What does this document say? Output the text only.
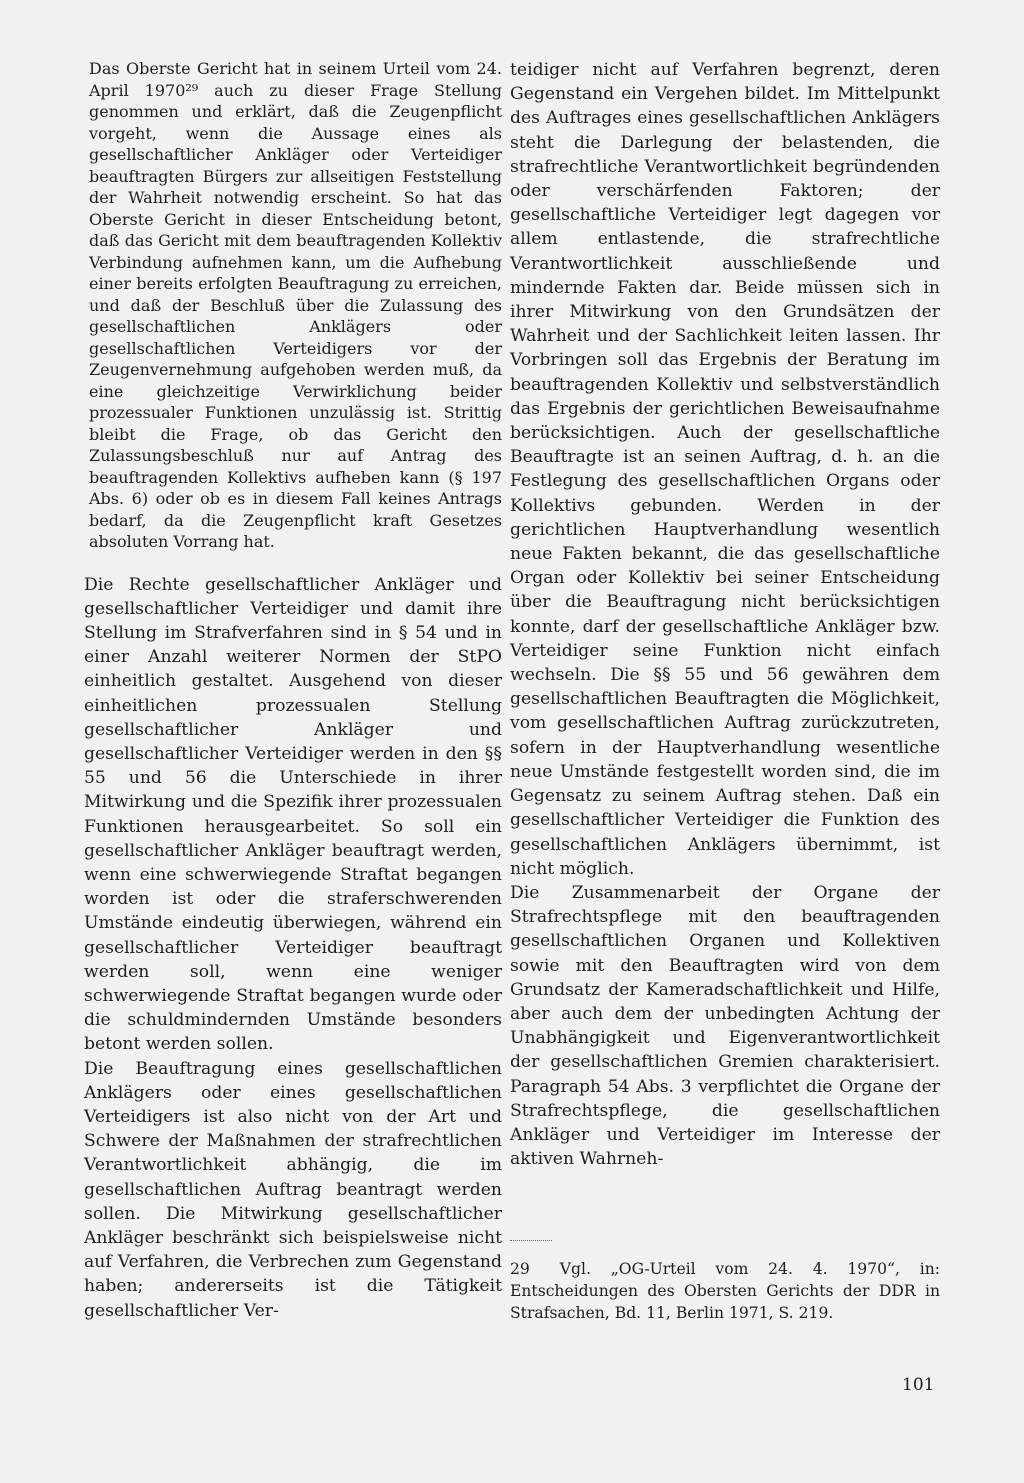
Das Oberste Gericht hat in seinem Urteil vom 24. April 1970²⁹ auch zu dieser Frage Stellung genommen und erklärt, daß die Zeugenpflicht vorgeht, wenn die Aussage eines als gesellschaftlicher Ankläger oder Verteidiger beauftragten Bürgers zur allseitigen Feststellung der Wahrheit notwendig erscheint. So hat das Oberste Gericht in dieser Entscheidung betont, daß das Gericht mit dem beauftragenden Kollektiv Verbindung aufnehmen kann, um die Aufhebung einer bereits erfolgten Beauftragung zu erreichen, und daß der Beschluß über die Zulassung des gesellschaftlichen Anklägers oder gesellschaftlichen Verteidigers vor der Zeugenvernehmung aufgehoben werden muß, da eine gleichzeitige Verwirklichung beider prozessualer Funktionen unzulässig ist. Strittig bleibt die Frage, ob das Gericht den Zulassungsbeschluß nur auf Antrag des beauftragenden Kollektivs aufheben kann (§ 197 Abs. 6) oder ob es in diesem Fall keines Antrags bedarf, da die Zeugenpflicht kraft Gesetzes absoluten Vorrang hat.

Die Rechte gesellschaftlicher Ankläger und gesellschaftlicher Verteidiger und damit ihre Stellung im Strafverfahren sind in § 54 und in einer Anzahl weiterer Normen der StPO einheitlich gestaltet. Ausgehend von dieser einheitlichen prozessualen Stellung gesellschaftlicher Ankläger und gesellschaftlicher Verteidiger werden in den §§ 55 und 56 die Unterschiede in ihrer Mitwirkung und die Spezifik ihrer prozessualen Funktionen herausgearbeitet. So soll ein gesellschaftlicher Ankläger beauftragt werden, wenn eine schwerwiegende Straftat begangen worden ist oder die straferschwerenden Umstände eindeutig überwiegen, während ein gesellschaftlicher Verteidiger beauftragt werden soll, wenn eine weniger schwerwiegende Straftat begangen wurde oder die schuldmindernden Umstände besonders betont werden sollen.

Die Beauftragung eines gesellschaftlichen Anklägers oder eines gesellschaftlichen Verteidigers ist also nicht von der Art und Schwere der Maßnahmen der strafrechtlichen Verantwortlichkeit abhängig, die im gesellschaftlichen Auftrag beantragt werden sollen. Die Mitwirkung gesellschaftlicher Ankläger beschränkt sich beispielsweise nicht auf Verfahren, die Verbrechen zum Gegenstand haben; andererseits ist die Tätigkeit gesellschaftlicher Ver-

teidiger nicht auf Verfahren begrenzt, deren Gegenstand ein Vergehen bildet. Im Mittelpunkt des Auftrages eines gesellschaftlichen Anklägers steht die Darlegung der belastenden, die strafrechtliche Verantwortlichkeit begründenden oder verschärfenden Faktoren; der gesellschaftliche Verteidiger legt dagegen vor allem entlastende, die strafrechtliche Verantwortlichkeit ausschließende und mindernde Fakten dar. Beide müssen sich in ihrer Mitwirkung von den Grundsätzen der Wahrheit und der Sachlichkeit leiten lassen. Ihr Vorbringen soll das Ergebnis der Beratung im beauftragenden Kollektiv und selbstverständlich das Ergebnis der gerichtlichen Beweisaufnahme berücksichtigen. Auch der gesellschaftliche Beauftragte ist an seinen Auftrag, d. h. an die Festlegung des gesellschaftlichen Organs oder Kollektivs gebunden. Werden in der gerichtlichen Hauptverhandlung wesentlich neue Fakten bekannt, die das gesellschaftliche Organ oder Kollektiv bei seiner Entscheidung über die Beauftragung nicht berücksichtigen konnte, darf der gesellschaftliche Ankläger bzw. Verteidiger seine Funktion nicht einfach wechseln. Die §§ 55 und 56 gewähren dem gesellschaftlichen Beauftragten die Möglichkeit, vom gesellschaftlichen Auftrag zurückzutreten, sofern in der Hauptverhandlung wesentliche neue Umstände festgestellt worden sind, die im Gegensatz zu seinem Auftrag stehen. Daß ein gesellschaftlicher Verteidiger die Funktion des gesellschaftlichen Anklägers übernimmt, ist nicht möglich.

Die Zusammenarbeit der Organe der Strafrechtspflege mit den beauftragenden gesellschaftlichen Organen und Kollektiven sowie mit den Beauftragten wird von dem Grundsatz der Kameradschaftlichkeit und Hilfe, aber auch dem der unbedingten Achtung der Unabhängigkeit und Eigenverantwortlichkeit der gesellschaftlichen Gremien charakterisiert. Paragraph 54 Abs. 3 verpflichtet die Organe der Strafrechtspflege, die gesellschaftlichen Ankläger und Verteidiger im Interesse der aktiven Wahrneh-

29 Vgl. „OG-Urteil vom 24. 4. 1970“, in: Entscheidungen des Obersten Gerichts der DDR in Strafsachen, Bd. 11, Berlin 1971, S. 219.
101
